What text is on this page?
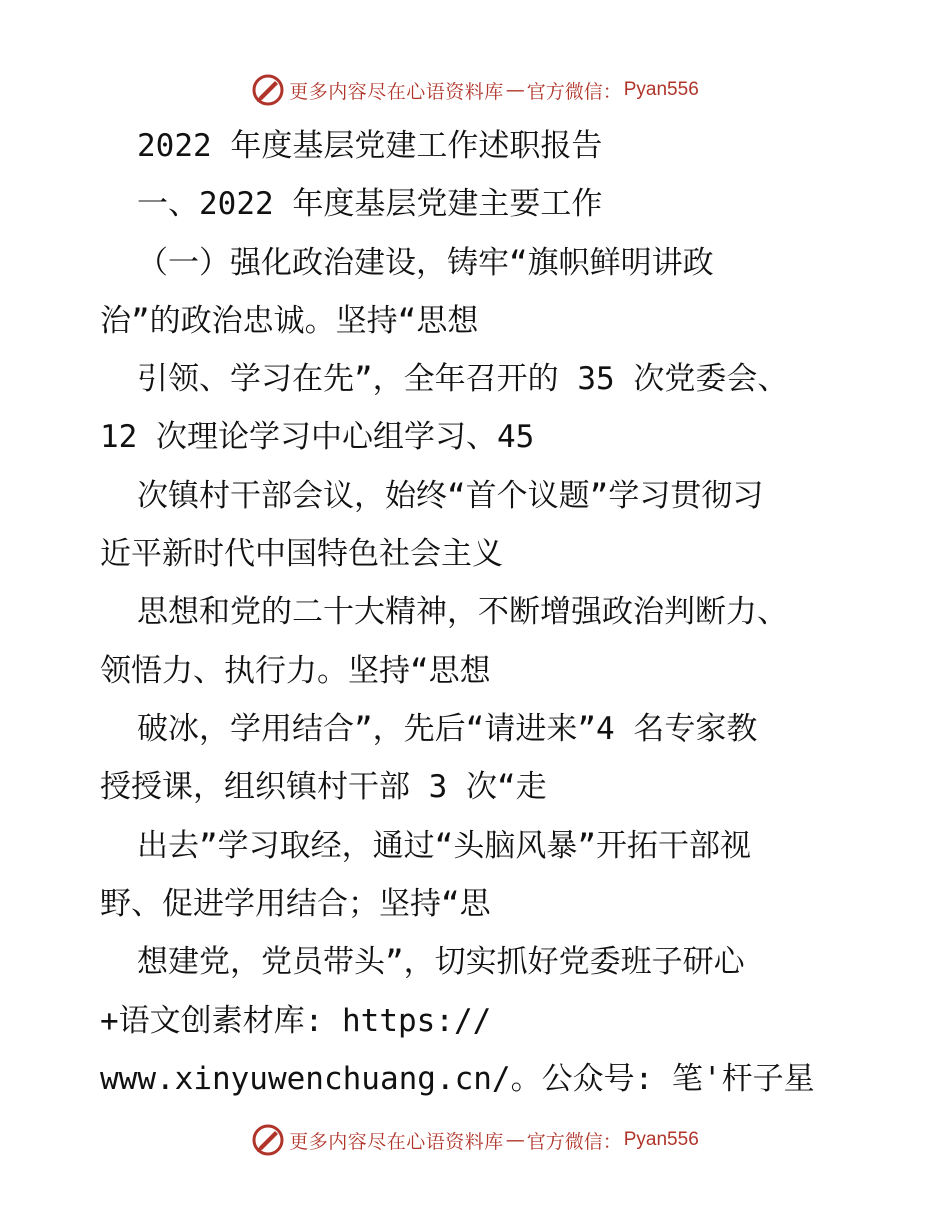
更多内容尽在心语资料库 — 官方微信： Pyan556
2022 年度基层党建工作述职报告
一、2022 年度基层党建主要工作
（一）强化政治建设，铸牢“旗帜鲜明讲政
治”的政治忠诚。坚持“思想
引领、学习在先”，全年召开的 35 次党委会、
12 次理论学习中心组学习、45
次镇村干部会议，始终“首个议题”学习贯彻习
近平新时代中国特色社会主义
思想和党的二十大精神，不断增强政治判断力、
领悟力、执行力。坚持“思想
破冰，学用结合”，先后“请进来”4 名专家教
授授课，组织镇村干部 3 次“走
出去”学习取经，通过“头脑风暴”开拓干部视
野、促进学用结合；坚持“思
想建党，党员带头”，切实抓好党委班子研心
+语文创素材库: https://
www.xinyuwenchuang.cn/。公众号: 笔'杆子星
更多内容尽在心语资料库 — 官方微信： Pyan556
